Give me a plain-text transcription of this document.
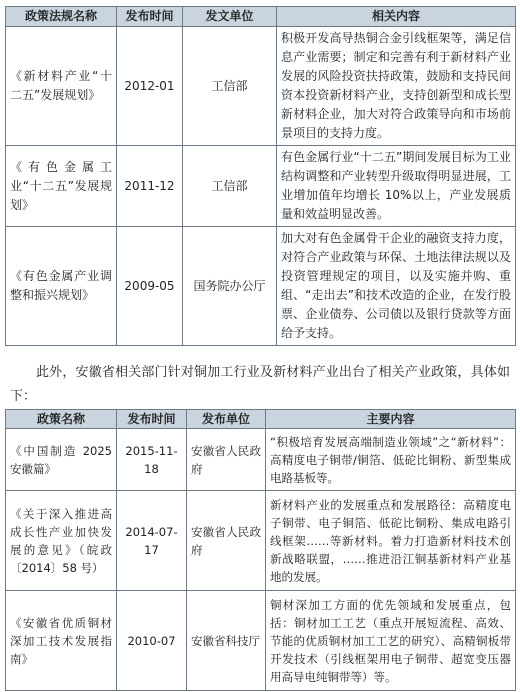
政策法规名称	发布时间	发文单位	相关内容
《新材料产业“十二五”发展规划》	2012-01	工信部	积极开发高导热铜合金引线框架等，满足信息产业需要；制定和完善有利于新材料产业发展的风险投资扶持政策，鼓励和支持民间资本投资新材料产业，支持创新型和成长型新材料企业，加大对符合政策导向和市场前景项目的支持力度。
《有色金属工业“十二五”发展规划》	2011-12	工信部	有色金属行业“十二五”期间发展目标为工业结构调整和产业转型升级取得明显进展，工业增加值年均增长 10%以上，产业发展质量和效益明显改善。
《有色金属产业调整和振兴规划》	2009-05	国务院办公厅	加大对有色金属骨干企业的融资支持力度，对符合产业政策与环保、土地法律法规以及投资管理规定的项目，以及实施并购、重组、“走出去”和技术改造的企业，在发行股票、企业债券、公司债以及银行贷款等方面给予支持。

此外，安徽省相关部门针对铜加工行业及新材料产业出台了相关产业政策，具体如下：

政策名称	发布时间	发布单位	主要内容
《中国制造 2025 安徽篇》	2015-11-18	安徽省人民政府	“积极培育发展高端制造业领域”之“新材料”：高精度电子铜带/铜箔、低砣比铜粉、新型集成电路基板等。
《关于深入推进高成长性产业加快发展的意见》（皖政〔2014〕58 号）	2014-07-17	安徽省人民政府	新材料产业的发展重点和发展路径：高精度电子铜带、电子铜箔、低砣比铜粉、集成电路引线框架……等新材料。着力打造新材料技术创新战略联盟，……推进沿江铜基新材料产业基地的发展。
《安徽省优质铜材深加工技术发展指南》	2010-07	安徽省科技厅	铜材深加工方面的优先领域和发展重点，包括：铜材加工工艺（重点开展短流程、高效、节能的优质铜材加工工艺的研究）、高精铜板带开发技术（引线框架用电子铜带、超宽变压器用高导电纯铜带等）等。
